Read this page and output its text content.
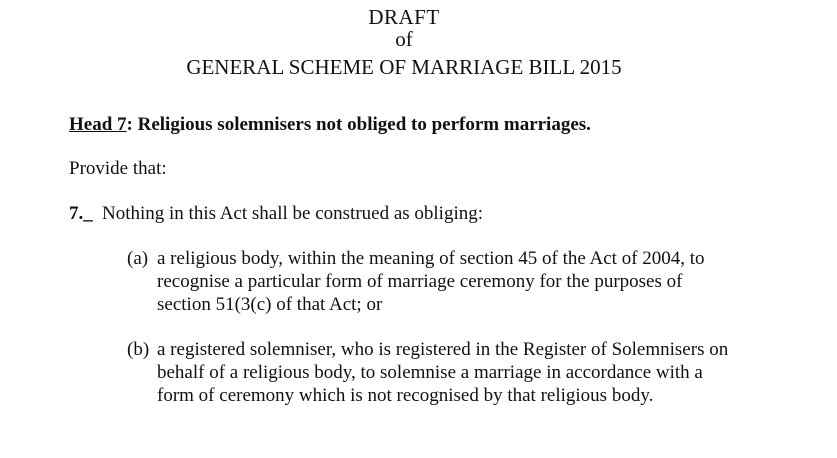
DRAFT
of
GENERAL SCHEME OF MARRIAGE BILL 2015
Head 7: Religious solemnisers not obliged to perform marriages.
Provide that:
7._ Nothing in this Act shall be construed as obliging:
(a) a religious body, within the meaning of section 45 of the Act of 2004, to
recognise a particular form of marriage ceremony for the purposes of
section 51(3(c) of that Act; or
(b) a registered solemniser, who is registered in the Register of Solemnisers on
behalf of a religious body, to solemnise a marriage in accordance with a
form of ceremony which is not recognised by that religious body.
